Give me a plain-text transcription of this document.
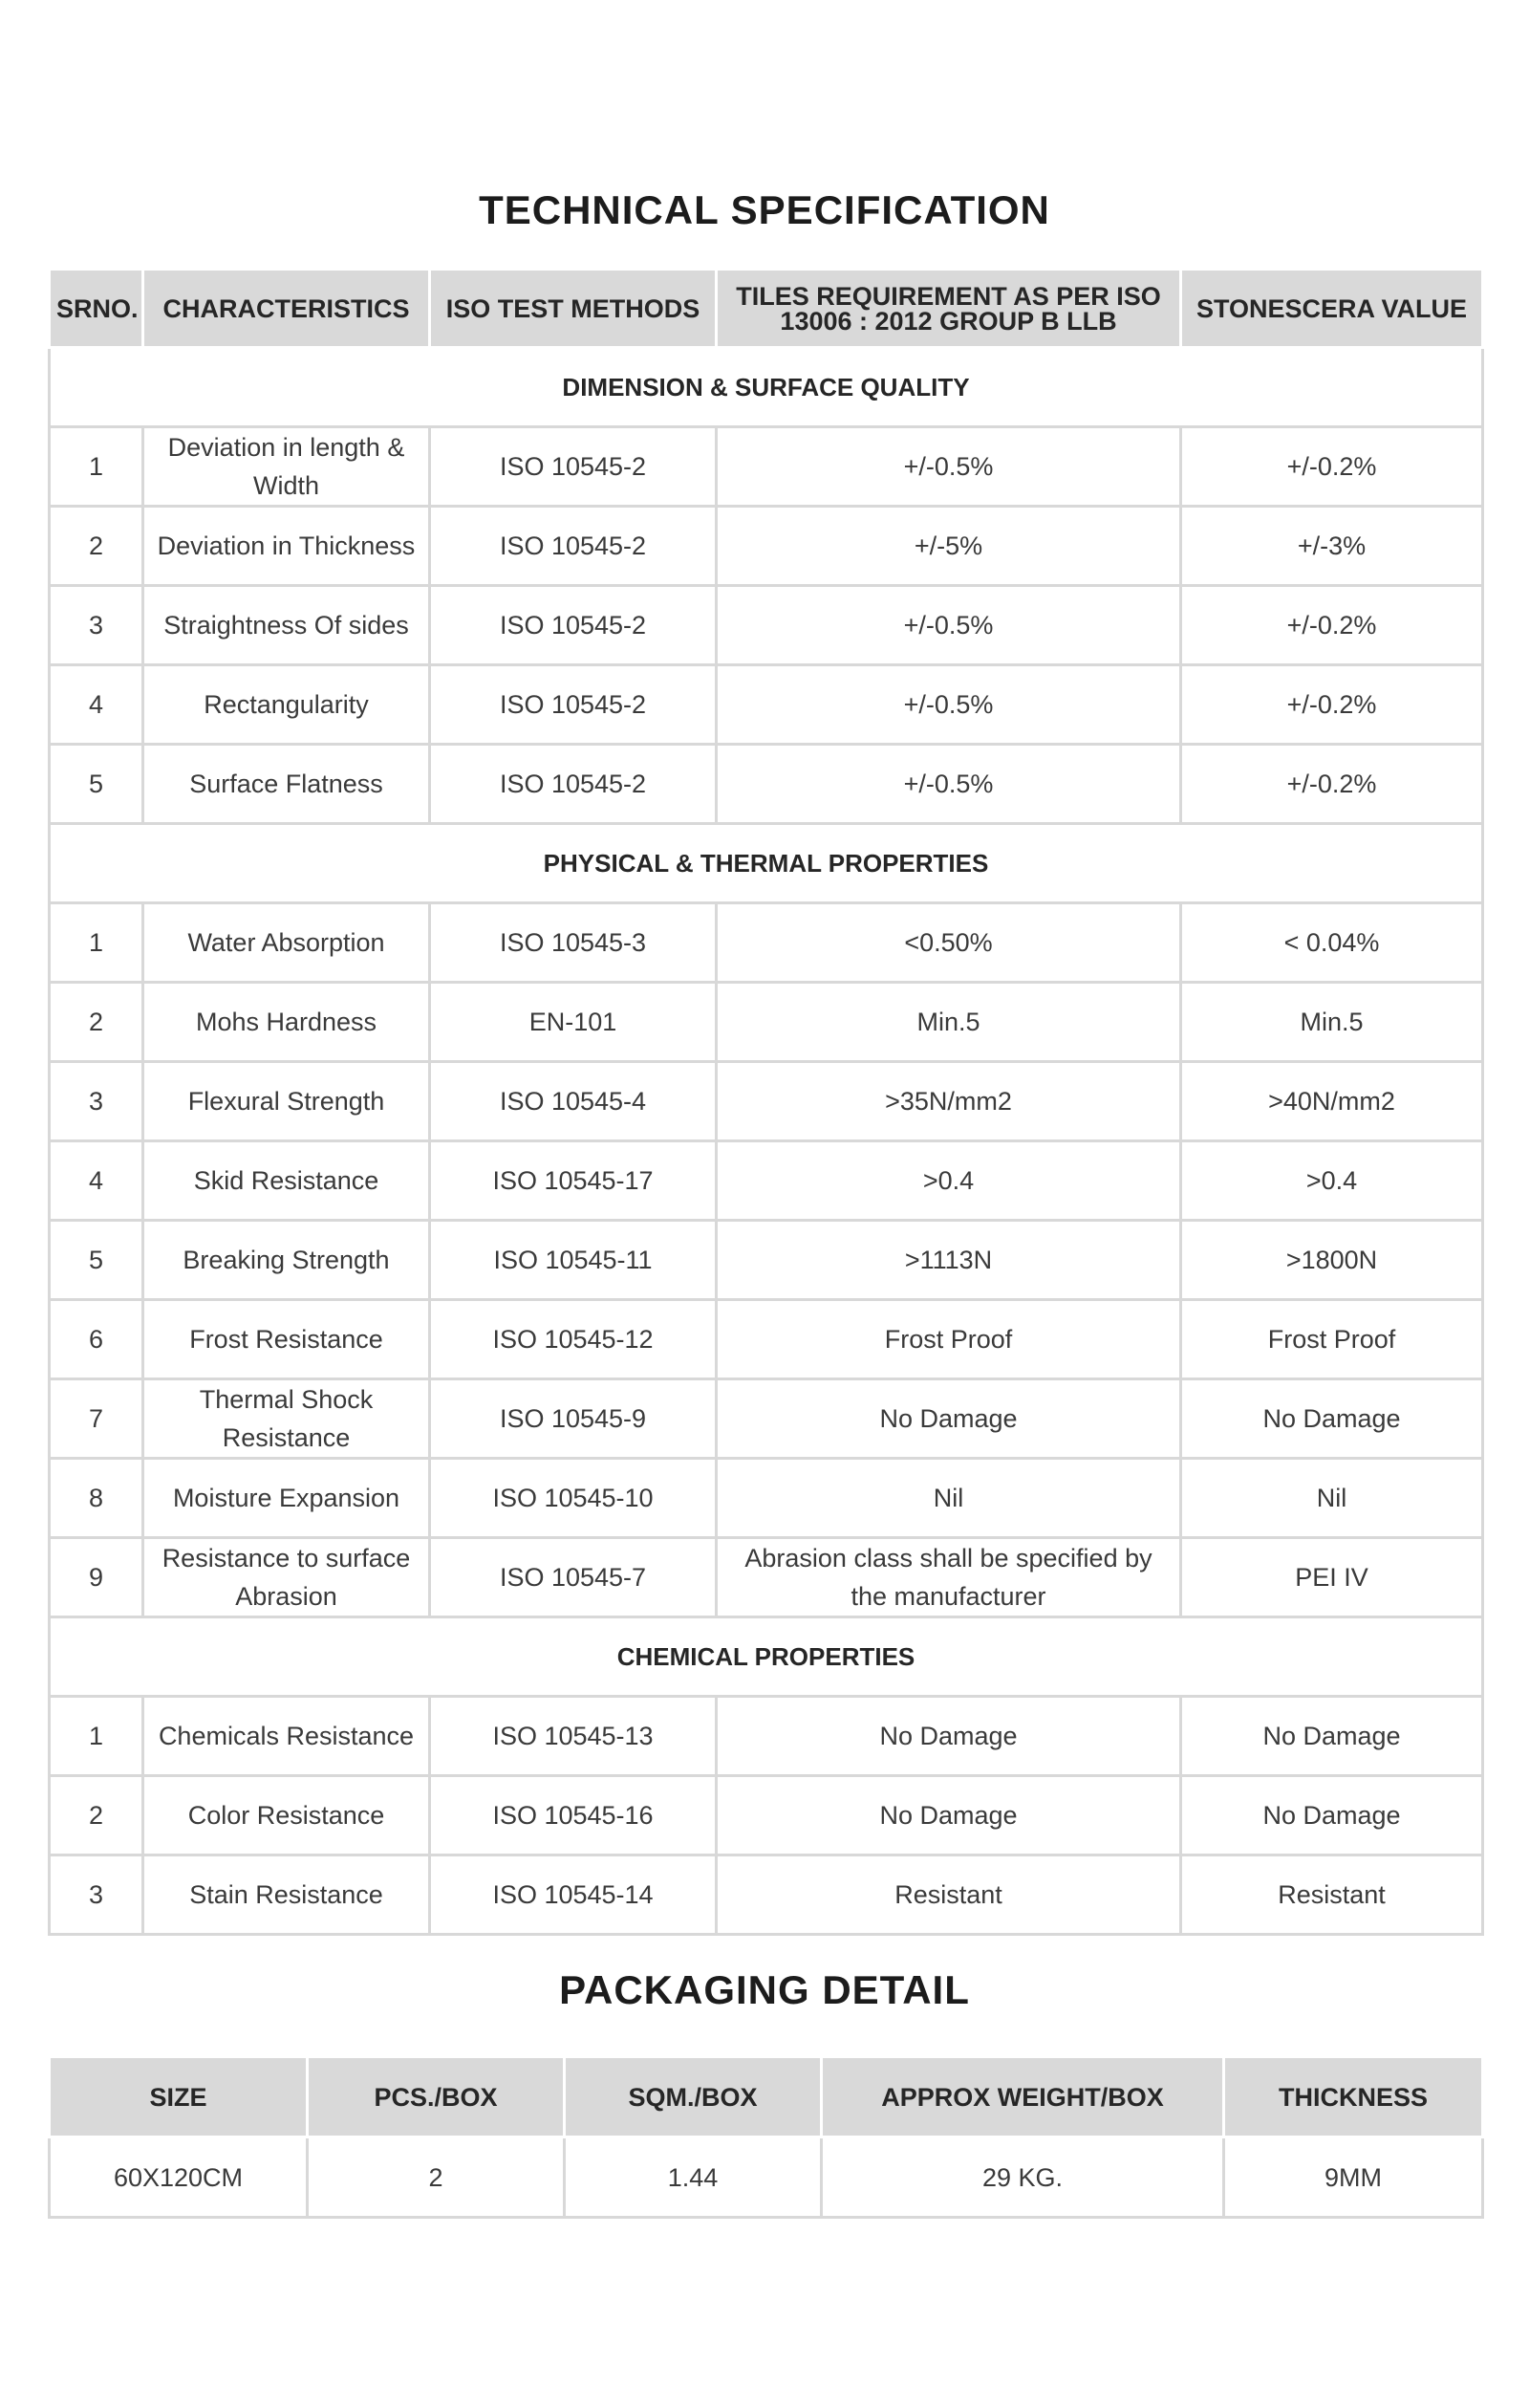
TECHNICAL SPECIFICATION
SRNO.	CHARACTERISTICS	ISO TEST METHODS	TILES REQUIREMENT AS PER ISO 13006 : 2012 GROUP B LLB	STONESCERA VALUE
DIMENSION & SURFACE QUALITY				
1	Deviation in length & Width	ISO 10545-2	+/-0.5%	+/-0.2%
2	Deviation in Thickness	ISO 10545-2	+/-5%	+/-3%
3	Straightness Of sides	ISO 10545-2	+/-0.5%	+/-0.2%
4	Rectangularity	ISO 10545-2	+/-0.5%	+/-0.2%
5	Surface Flatness	ISO 10545-2	+/-0.5%	+/-0.2%
PHYSICAL & THERMAL PROPERTIES				
1	Water Absorption	ISO 10545-3	<0.50%	< 0.04%
2	Mohs Hardness	EN-101	Min.5	Min.5
3	Flexural Strength	ISO 10545-4	>35N/mm2	>40N/mm2
4	Skid Resistance	ISO 10545-17	>0.4	>0.4
5	Breaking Strength	ISO 10545-11	>1113N	>1800N
6	Frost Resistance	ISO 10545-12	Frost Proof	Frost Proof
7	Thermal Shock Resistance	ISO 10545-9	No Damage	No Damage
8	Moisture Expansion	ISO 10545-10	Nil	Nil
9	Resistance to surface Abrasion	ISO 10545-7	Abrasion class shall be specified by the manufacturer	PEI IV
CHEMICAL PROPERTIES				
1	Chemicals Resistance	ISO 10545-13	No Damage	No Damage
2	Color Resistance	ISO 10545-16	No Damage	No Damage
3	Stain Resistance	ISO 10545-14	Resistant	Resistant
PACKAGING DETAIL
SIZE	PCS./BOX	SQM./BOX	APPROX WEIGHT/BOX	THICKNESS
60X120CM	2	1.44	29 KG.	9MM
